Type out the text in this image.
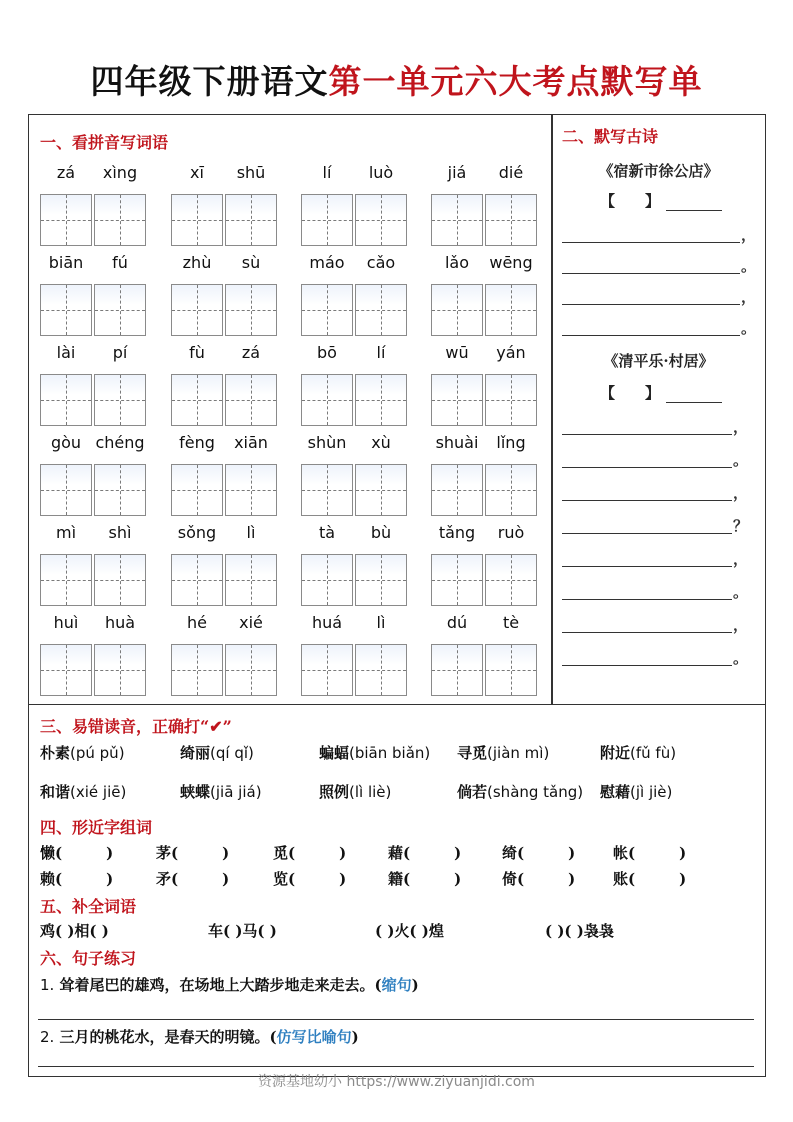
四年级下册语文第一单元六大考点默写单
一、看拼音写词语
zá	xìng	xī	shū	lí	luò	jiá	dié
biān	fú	zhù	sù	máo	cǎo	lǎo	wēng
lài	pí	fù	zá	bō	lí	wū	yán
gòu chéng	fèng	xiān	shùn	xù	shuài	lǐng
mì	shì	sǒng	lì	tà	bù	tǎng	ruò
huì	huà	hé	xié	huá	lì	dú	tè
二、默写古诗
《宿新市徐公店》
【 】
，
。
，
。
《清平乐·村居》
【 】
，
。
，
？
，
。
，
。
三、易错读音，正确打“✔”
朴素(pú pǔ)	绮丽(qí qǐ)	蝙蝠(biān biǎn) 寻觅(jiàn mì)	附近(fǔ fù)
和谐(xié jiē)	蛱蝶(jiā jiá)	照例(lì liè)	倘若(shàng tǎng) 慰藉(jì jiè)
四、形近字组词
懒(	)	茅(	)	觅(	)	藉(	)	绮(	)	帐(	)
赖(	)	矛(	)	览(	)	籍(	)	倚(	)	账(	)
五、补全词语
鸡( )相( )	车( )马( )	( )火( )煌	( )( )袅袅
六、句子练习
1. 耸着尾巴的雄鸡，在场地上大踏步地走来走去。(缩句)
2. 三月的桃花水，是春天的明镜。(仿写比喻句)
资源基地幼小 https://www.ziyuanjidi.com
